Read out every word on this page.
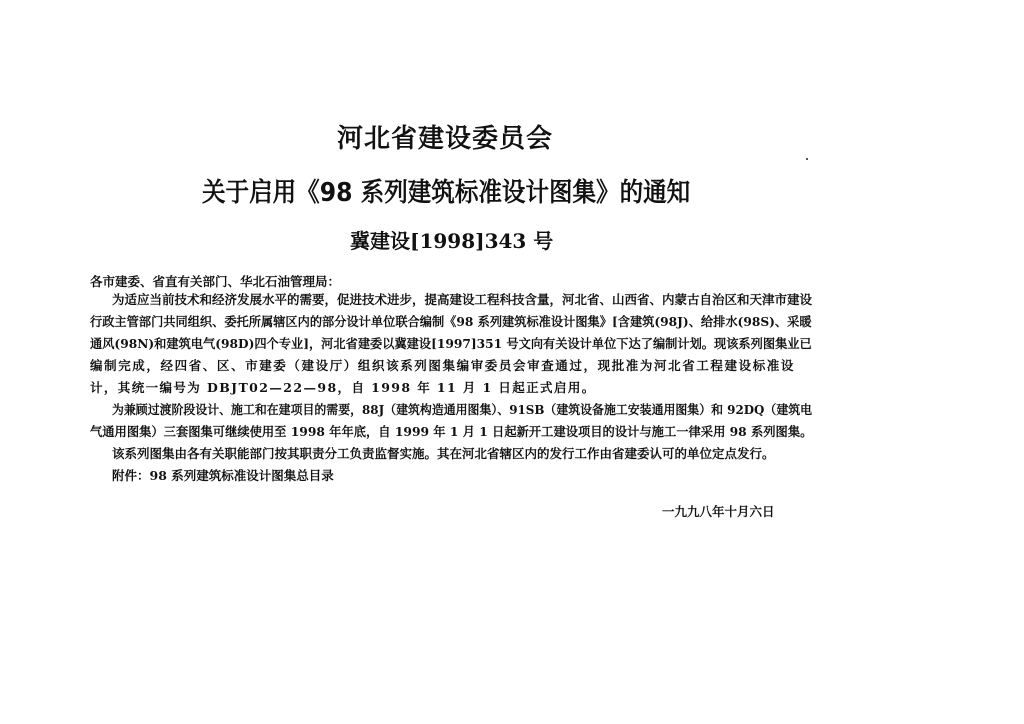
河北省建设委员会
关于启用《98 系列建筑标准设计图集》的通知
冀建设[1998]343 号
各市建委、省直有关部门、华北石油管理局：
为适应当前技术和经济发展水平的需要，促进技术进步，提高建设工程科技含量，河北省、山西省、内蒙古自治区和天津市建设
行政主管部门共同组织、委托所属辖区内的部分设计单位联合编制《98 系列建筑标准设计图集》[含建筑(98J)、给排水(98S)、采暖
通风(98N)和建筑电气(98D)四个专业]，河北省建委以冀建设[1997]351 号文向有关设计单位下达了编制计划。现该系列图集业已
编制完成，经四省、区、市建委（建设厅）组织该系列图集编审委员会审查通过，现批准为河北省工程建设标准设
计，其统一编号为 DBJT02—22—98，自 1998 年 11 月 1 日起正式启用。
为兼顾过渡阶段设计、施工和在建项目的需要，88J（建筑构造通用图集）、91SB（建筑设备施工安装通用图集）和 92DQ（建筑电
气通用图集）三套图集可继续使用至 1998 年年底，自 1999 年 1 月 1 日起新开工建设项目的设计与施工一律采用 98 系列图集。
该系列图集由各有关职能部门按其职责分工负责监督实施。其在河北省辖区内的发行工作由省建委认可的单位定点发行。
附件：98 系列建筑标准设计图集总目录
一九九八年十月六日
